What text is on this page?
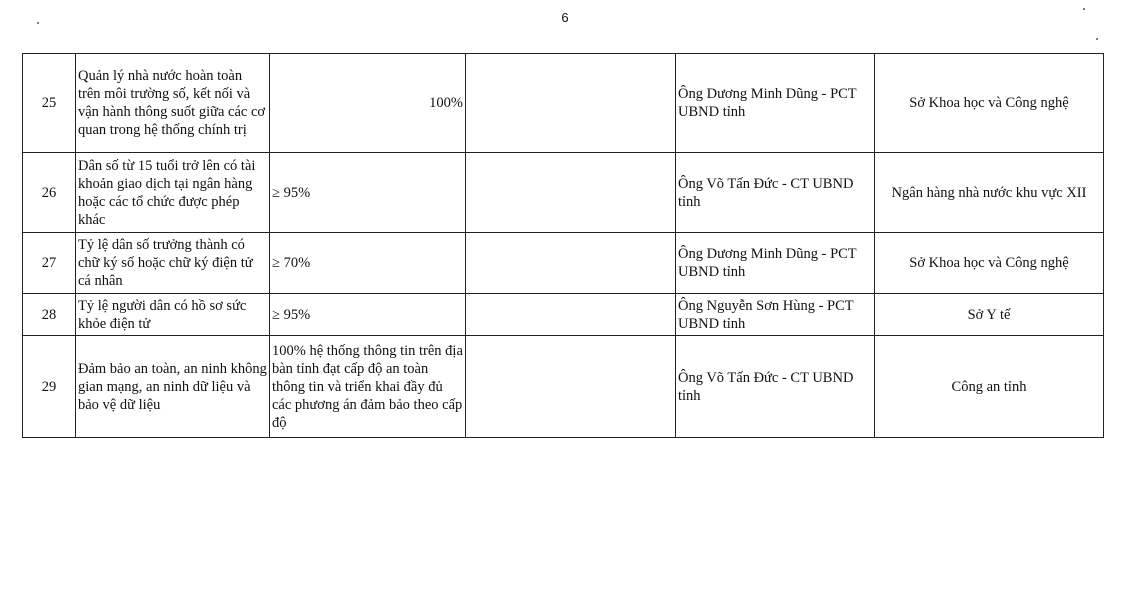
6
25	Quản lý nhà nước hoàn toàn trên môi trường số, kết nối và vận hành thông suốt giữa các cơ quan trong hệ thống chính trị	100%		Ông Dương Minh Dũng - PCT UBND tỉnh	Sở Khoa học và Công nghệ
26	Dân số từ 15 tuổi trở lên có tài khoản giao dịch tại ngân hàng hoặc các tổ chức được phép khác	≥ 95%		Ông Võ Tấn Đức - CT UBND tỉnh	Ngân hàng nhà nước khu vực XII
27	Tỷ lệ dân số trưởng thành có chữ ký số hoặc chữ ký điện tử cá nhân	≥ 70%		Ông Dương Minh Dũng - PCT UBND tỉnh	Sở Khoa học và Công nghệ
28	Tỷ lệ người dân có hồ sơ sức khỏe điện tử	≥ 95%		Ông Nguyễn Sơn Hùng - PCT UBND tỉnh	Sở Y tế
29	Đảm bảo an toàn, an ninh không gian mạng, an ninh dữ liệu và bảo vệ dữ liệu	100% hệ thống thông tin trên địa bàn tỉnh đạt cấp độ an toàn thông tin và triển khai đầy đủ các phương án đảm bảo theo cấp độ		Ông Võ Tấn Đức - CT UBND tỉnh	Công an tỉnh
